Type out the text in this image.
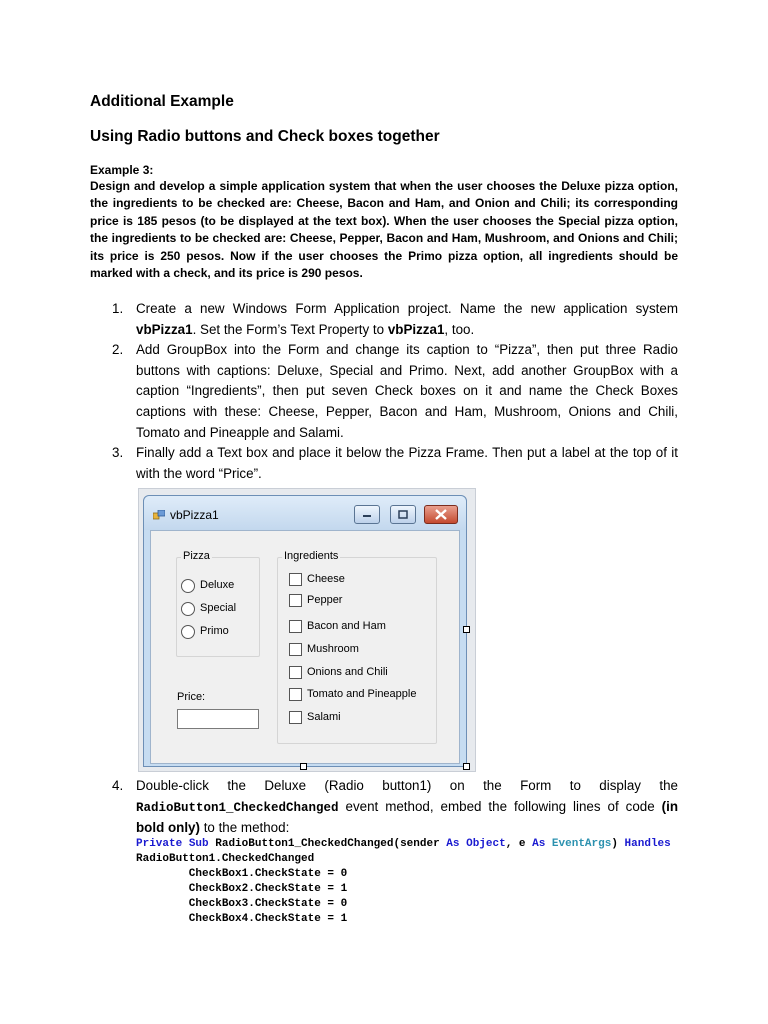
Additional Example
Using Radio buttons and Check boxes together
Example 3:
Design and develop a simple application system that when the user chooses the Deluxe pizza option, the ingredients to be checked are: Cheese, Bacon and Ham, and Onion and Chili; its corresponding price is 185 pesos (to be displayed at the text box). When the user chooses the Special pizza option, the ingredients to be checked are: Cheese, Pepper, Bacon and Ham, Mushroom, and Onions and Chili; its price is 250 pesos. Now if the user chooses the Primo pizza option, all ingredients should be marked with a check, and its price is 290 pesos.
1. Create a new Windows Form Application project. Name the new application system vbPizza1. Set the Form’s Text Property to vbPizza1, too.
2. Add GroupBox into the Form and change its caption to “Pizza”, then put three Radio buttons with captions: Deluxe, Special and Primo. Next, add another GroupBox with a caption “Ingredients”, then put seven Check boxes on it and name the Check Boxes captions with these: Cheese, Pepper, Bacon and Ham, Mushroom, Onions and Chili, Tomato and Pineapple and Salami.
3. Finally add a Text box and place it below the Pizza Frame. Then put a label at the top of it with the word “Price”.
vbPizza1
Pizza
Deluxe
Special
Primo
Ingredients
Cheese
Pepper
Bacon and Ham
Mushroom
Onions and Chili
Tomato and Pineapple
Salami
Price:
4. Double-click the Deluxe (Radio button1) on the Form to display the RadioButton1_CheckedChanged event method, embed the following lines of code (in bold only) to the method:
Private Sub RadioButton1_CheckedChanged(sender As Object, e As EventArgs) Handles
RadioButton1.CheckedChanged
CheckBox1.CheckState = 0
CheckBox2.CheckState = 1
CheckBox3.CheckState = 0
CheckBox4.CheckState = 1
